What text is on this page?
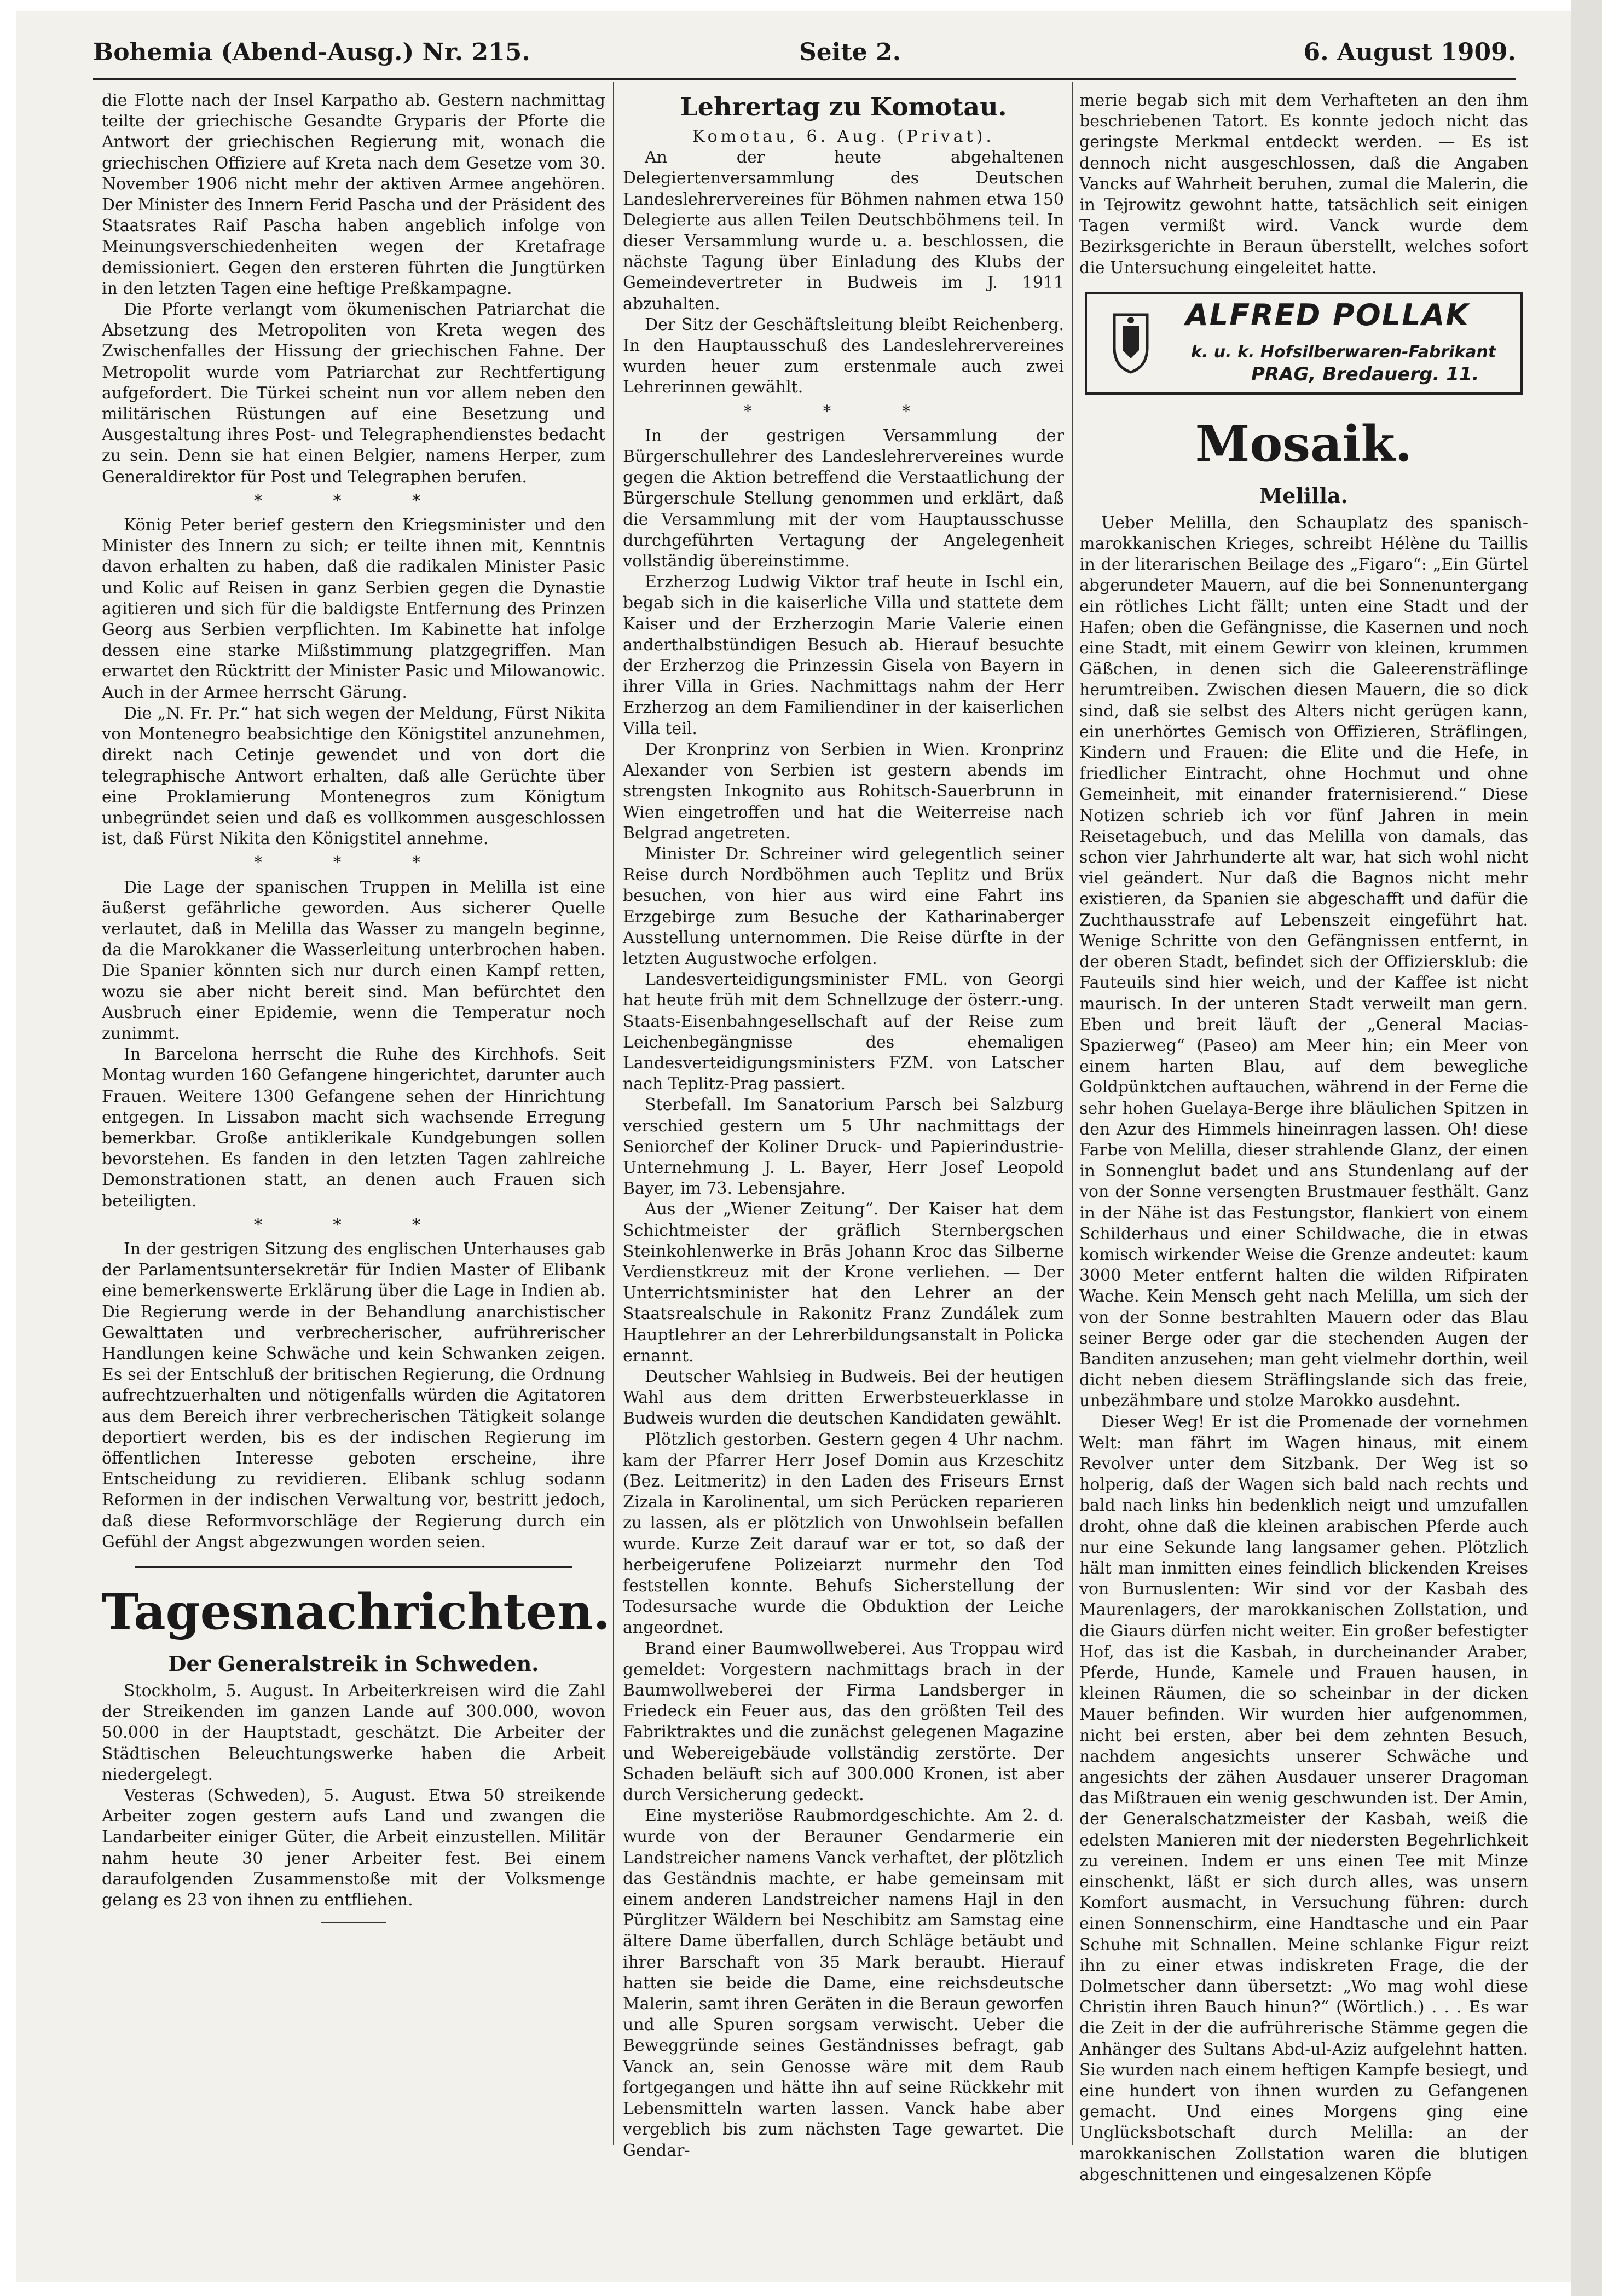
Bohemia (Abend-Ausg.) Nr. 215.	Seite 2.	6. August 1909.

die Flotte nach der Insel Karpatho ab. Gestern nachmittag teilte der griechische Gesandte Gryparis der Pforte die Antwort der griechischen Regierung mit, wonach die griechischen Offiziere auf Kreta nach dem Gesetze vom 30. November 1906 nicht mehr der aktiven Armee angehören. Der Minister des Innern Ferid Pascha und der Präsident des Staatsrates Raif Pascha haben angeblich infolge von Meinungsverschiedenheiten wegen der Kretafrage demissioniert. Gegen den ersteren führten die Jungtürken in den letzten Tagen eine heftige Preßkampagne.

Die Pforte verlangt vom ökumenischen Patriarchat die Absetzung des Metropoliten von Kreta wegen des Zwischenfalles der Hissung der griechischen Fahne. Der Metropolit wurde vom Patriarchat zur Rechtfertigung aufgefordert. Die Türkei scheint nun vor allem neben den militärischen Rüstungen auf eine Besetzung und Ausgestaltung ihres Post- und Telegraphendienstes bedacht zu sein. Denn sie hat einen Belgier, namens Herper, zum Generaldirektor für Post und Telegraphen berufen.

* * *

König Peter berief gestern den Kriegsminister und den Minister des Innern zu sich; er teilte ihnen mit, Kenntnis davon erhalten zu haben, daß die radikalen Minister Pasic und Kolic auf Reisen in ganz Serbien gegen die Dynastie agitieren und sich für die baldigste Entfernung des Prinzen Georg aus Serbien verpflichten. Im Kabinette hat infolge dessen eine starke Mißstimmung platzgegriffen. Man erwartet den Rücktritt der Minister Pasic und Milowanowic. Auch in der Armee herrscht Gärung.

Die „N. Fr. Pr.“ hat sich wegen der Meldung, Fürst Nikita von Montenegro beabsichtige den Königstitel anzunehmen, direkt nach Cetinje gewendet und von dort die telegraphische Antwort erhalten, daß alle Gerüchte über eine Proklamierung Montenegros zum Königtum unbegründet seien und daß es vollkommen ausgeschlossen ist, daß Fürst Nikita den Königstitel annehme.

* * *

Die Lage der spanischen Truppen in Melilla ist eine äußerst gefährliche geworden. Aus sicherer Quelle verlautet, daß in Melilla das Wasser zu mangeln beginne, da die Marokkaner die Wasserleitung unterbrochen haben. Die Spanier könnten sich nur durch einen Kampf retten, wozu sie aber nicht bereit sind. Man befürchtet den Ausbruch einer Epidemie, wenn die Temperatur noch zunimmt.

In Barcelona herrscht die Ruhe des Kirchhofs. Seit Montag wurden 160 Gefangene hingerichtet, darunter auch Frauen. Weitere 1300 Gefangene sehen der Hinrichtung entgegen. In Lissabon macht sich wachsende Erregung bemerkbar. Große antiklerikale Kundgebungen sollen bevorstehen. Es fanden in den letzten Tagen zahlreiche Demonstrationen statt, an denen auch Frauen sich beteiligten.

* * *

In der gestrigen Sitzung des englischen Unterhauses gab der Parlamentsuntersekretär für Indien Master of Elibank eine bemerkenswerte Erklärung über die Lage in Indien ab. Die Regierung werde in der Behandlung anarchistischer Gewalttaten und verbrecherischer, aufrührerischer Handlungen keine Schwäche und kein Schwanken zeigen. Es sei der Entschluß der britischen Regierung, die Ordnung aufrechtzuerhalten und nötigenfalls würden die Agitatoren aus dem Bereich ihrer verbrecherischen Tätigkeit solange deportiert werden, bis es der indischen Regierung im öffentlichen Interesse geboten erscheine, ihre Entscheidung zu revidieren. Elibank schlug sodann Reformen in der indischen Verwaltung vor, bestritt jedoch, daß diese Reformvorschläge der Regierung durch ein Gefühl der Angst abgezwungen worden seien.

Tagesnachrichten.
Der Generalstreik in Schweden.

Stockholm, 5. August. In Arbeiterkreisen wird die Zahl der Streikenden im ganzen Lande auf 300.000, wovon 50.000 in der Hauptstadt, geschätzt. Die Arbeiter der Städtischen Beleuchtungswerke haben die Arbeit niedergelegt.

Vesteras (Schweden), 5. August. Etwa 50 streikende Arbeiter zogen gestern aufs Land und zwangen die Landarbeiter einiger Güter, die Arbeit einzustellen. Militär nahm heute 30 jener Arbeiter fest. Bei einem daraufolgenden Zusammenstoße mit der Volksmenge gelang es 23 von ihnen zu entfliehen.

Lehrertag zu Komotau.

Komotau, 6. Aug. (Privat).

An der heute abgehaltenen Delegiertenversammlung des Deutschen Landeslehrervereines für Böhmen nahmen etwa 150 Delegierte aus allen Teilen Deutschböhmens teil. In dieser Versammlung wurde u. a. beschlossen, die nächste Tagung über Einladung des Klubs der Gemeindevertreter in Budweis im J. 1911 abzuhalten.

Der Sitz der Geschäftsleitung bleibt Reichenberg. In den Hauptausschuß des Landeslehrervereines wurden heuer zum erstenmale auch zwei Lehrerinnen gewählt.

* * *

In der gestrigen Versammlung der Bürgerschullehrer des Landeslehrervereines wurde gegen die Aktion betreffend die Verstaatlichung der Bürgerschule Stellung genommen und erklärt, daß die Versammlung mit der vom Hauptausschusse durchgeführten Vertagung der Angelegenheit vollständig übereinstimme.

Erzherzog Ludwig Viktor traf heute in Ischl ein, begab sich in die kaiserliche Villa und stattete dem Kaiser und der Erzherzogin Marie Valerie einen anderthalbstündigen Besuch ab. Hierauf besuchte der Erzherzog die Prinzessin Gisela von Bayern in ihrer Villa in Gries. Nachmittags nahm der Herr Erzherzog an dem Familiendiner in der kaiserlichen Villa teil.

Der Kronprinz von Serbien in Wien. Kronprinz Alexander von Serbien ist gestern abends im strengsten Inkognito aus Rohitsch-Sauerbrunn in Wien eingetroffen und hat die Weiterreise nach Belgrad angetreten.

Minister Dr. Schreiner wird gelegentlich seiner Reise durch Nordböhmen auch Teplitz und Brüx besuchen, von hier aus wird eine Fahrt ins Erzgebirge zum Besuche der Katharinaberger Ausstellung unternommen. Die Reise dürfte in der letzten Augustwoche erfolgen.

Landesverteidigungsminister FML. von Georgi hat heute früh mit dem Schnellzuge der österr.-ung. Staats-Eisenbahngesellschaft auf der Reise zum Leichenbegängnisse des ehemaligen Landesverteidigungsministers FZM. von Latscher nach Teplitz-Prag passiert.

Sterbefall. Im Sanatorium Parsch bei Salzburg verschied gestern um 5 Uhr nachmittags der Seniorchef der Koliner Druck- und Papierindustrie-Unternehmung J. L. Bayer, Herr Josef Leopold Bayer, im 73. Lebensjahre.

Aus der „Wiener Zeitung“. Der Kaiser hat dem Schichtmeister der gräflich Sternbergschen Steinkohlenwerke in Brās Johann Kroc das Silberne Verdienstkreuz mit der Krone verliehen. — Der Unterrichtsminister hat den Lehrer an der Staatsrealschule in Rakonitz Franz Zundálek zum Hauptlehrer an der Lehrerbildungsanstalt in Policka ernannt.

Deutscher Wahlsieg in Budweis. Bei der heutigen Wahl aus dem dritten Erwerbsteuerklasse in Budweis wurden die deutschen Kandidaten gewählt.

Plötzlich gestorben. Gestern gegen 4 Uhr nachm. kam der Pfarrer Herr Josef Domin aus Krzeschitz (Bez. Leitmeritz) in den Laden des Friseurs Ernst Zizala in Karolinental, um sich Perücken reparieren zu lassen, als er plötzlich von Unwohlsein befallen wurde. Kurze Zeit darauf war er tot, so daß der herbeigerufene Polizeiarzt nurmehr den Tod feststellen konnte. Behufs Sicherstellung der Todesursache wurde die Obduktion der Leiche angeordnet.

Brand einer Baumwollweberei. Aus Troppau wird gemeldet: Vorgestern nachmittags brach in der Baumwollweberei der Firma Landsberger in Friedeck ein Feuer aus, das den größten Teil des Fabriktraktes und die zunächst gelegenen Magazine und Webereigebäude vollständig zerstörte. Der Schaden beläuft sich auf 300.000 Kronen, ist aber durch Versicherung gedeckt.

Eine mysteriöse Raubmordgeschichte. Am 2. d. wurde von der Berauner Gendarmerie ein Landstreicher namens Vanck verhaftet, der plötzlich das Geständnis machte, er habe gemeinsam mit einem anderen Landstreicher namens Hajl in den Pürglitzer Wäldern bei Neschibitz am Samstag eine ältere Dame überfallen, durch Schläge betäubt und ihrer Barschaft von 35 Mark beraubt. Hierauf hatten sie beide die Dame, eine reichsdeutsche Malerin, samt ihren Geräten in die Beraun geworfen und alle Spuren sorgsam verwischt. Ueber die Beweggründe seines Geständnisses befragt, gab Vanck an, sein Genosse wäre mit dem Raub fortgegangen und hätte ihn auf seine Rückkehr mit Lebensmitteln warten lassen. Vanck habe aber vergeblich bis zum nächsten Tage gewartet. Die Gendar-

merie begab sich mit dem Verhafteten an den ihm beschriebenen Tatort. Es konnte jedoch nicht das geringste Merkmal entdeckt werden. — Es ist dennoch nicht ausgeschlossen, daß die Angaben Vancks auf Wahrheit beruhen, zumal die Malerin, die in Tejrowitz gewohnt hatte, tatsächlich seit einigen Tagen vermißt wird. Vanck wurde dem Bezirksgerichte in Beraun überstellt, welches sofort die Untersuchung eingeleitet hatte.

ALFRED POLLAK
k. u. k. Hofsilberwaren-Fabrikant
PRAG, Bredauerg. 11.
Mosaik.
Melilla.

Ueber Melilla, den Schauplatz des spanisch-marokkanischen Krieges, schreibt Hélène du Taillis in der literarischen Beilage des „Figaro“: „Ein Gürtel abgerundeter Mauern, auf die bei Sonnenuntergang ein rötliches Licht fällt; unten eine Stadt und der Hafen; oben die Gefängnisse, die Kasernen und noch eine Stadt, mit einem Gewirr von kleinen, krummen Gäßchen, in denen sich die Galeerensträflinge herumtreiben. Zwischen diesen Mauern, die so dick sind, daß sie selbst des Alters nicht gerügen kann, ein unerhörtes Gemisch von Offizieren, Sträflingen, Kindern und Frauen: die Elite und die Hefe, in friedlicher Eintracht, ohne Hochmut und ohne Gemeinheit, mit einander fraternisierend.“ Diese Notizen schrieb ich vor fünf Jahren in mein Reisetagebuch, und das Melilla von damals, das schon vier Jahrhunderte alt war, hat sich wohl nicht viel geändert. Nur daß die Bagnos nicht mehr existieren, da Spanien sie abgeschafft und dafür die Zuchthausstrafe auf Lebenszeit eingeführt hat. Wenige Schritte von den Gefängnissen entfernt, in der oberen Stadt, befindet sich der Offiziersklub: die Fauteuils sind hier weich, und der Kaffee ist nicht maurisch. In der unteren Stadt verweilt man gern. Eben und breit läuft der „General Macias-Spazierweg“ (Paseo) am Meer hin; ein Meer von einem harten Blau, auf dem bewegliche Goldpünktchen auftauchen, während in der Ferne die sehr hohen Guelaya-Berge ihre bläulichen Spitzen in den Azur des Himmels hineinragen lassen. Oh! diese Farbe von Melilla, dieser strahlende Glanz, der einen in Sonnenglut badet und ans Stundenlang auf der von der Sonne versengten Brustmauer festhält. Ganz in der Nähe ist das Festungstor, flankiert von einem Schilderhaus und einer Schildwache, die in etwas komisch wirkender Weise die Grenze andeutet: kaum 3000 Meter entfernt halten die wilden Rifpiraten Wache. Kein Mensch geht nach Melilla, um sich der von der Sonne bestrahlten Mauern oder das Blau seiner Berge oder gar die stechenden Augen der Banditen anzusehen; man geht vielmehr dorthin, weil dicht neben diesem Sträflingslande sich das freie, unbezähmbare und stolze Marokko ausdehnt.

Dieser Weg! Er ist die Promenade der vornehmen Welt: man fährt im Wagen hinaus, mit einem Revolver unter dem Sitzbank. Der Weg ist so holperig, daß der Wagen sich bald nach rechts und bald nach links hin bedenklich neigt und umzufallen droht, ohne daß die kleinen arabischen Pferde auch nur eine Sekunde lang langsamer gehen. Plötzlich hält man inmitten eines feindlich blickenden Kreises von Burnuslenten: Wir sind vor der Kasbah des Maurenlagers, der marokkanischen Zollstation, und die Giaurs dürfen nicht weiter. Ein großer befestigter Hof, das ist die Kasbah, in durcheinander Araber, Pferde, Hunde, Kamele und Frauen hausen, in kleinen Räumen, die so scheinbar in der dicken Mauer befinden. Wir wurden hier aufgenommen, nicht bei ersten, aber bei dem zehnten Besuch, nachdem angesichts unserer Schwäche und angesichts der zähen Ausdauer unserer Dragoman das Mißtrauen ein wenig geschwunden ist. Der Amin, der Generalschatzmeister der Kasbah, weiß die edelsten Manieren mit der niedersten Begehrlichkeit zu vereinen. Indem er uns einen Tee mit Minze einschenkt, läßt er sich durch alles, was unsern Komfort ausmacht, in Versuchung führen: durch einen Sonnenschirm, eine Handtasche und ein Paar Schuhe mit Schnallen. Meine schlanke Figur reizt ihn zu einer etwas indiskreten Frage, die der Dolmetscher dann übersetzt: „Wo mag wohl diese Christin ihren Bauch hinun?“ (Wörtlich.) . . . Es war die Zeit in der die aufrührerische Stämme gegen die Anhänger des Sultans Abd-ul-Aziz aufgelehnt hatten. Sie wurden nach einem heftigen Kampfe besiegt, und eine hundert von ihnen wurden zu Gefangenen gemacht. Und eines Morgens ging eine Unglücksbotschaft durch Melilla: an der marokkanischen Zollstation waren die blutigen abgeschnittenen und eingesalzenen Köpfe
